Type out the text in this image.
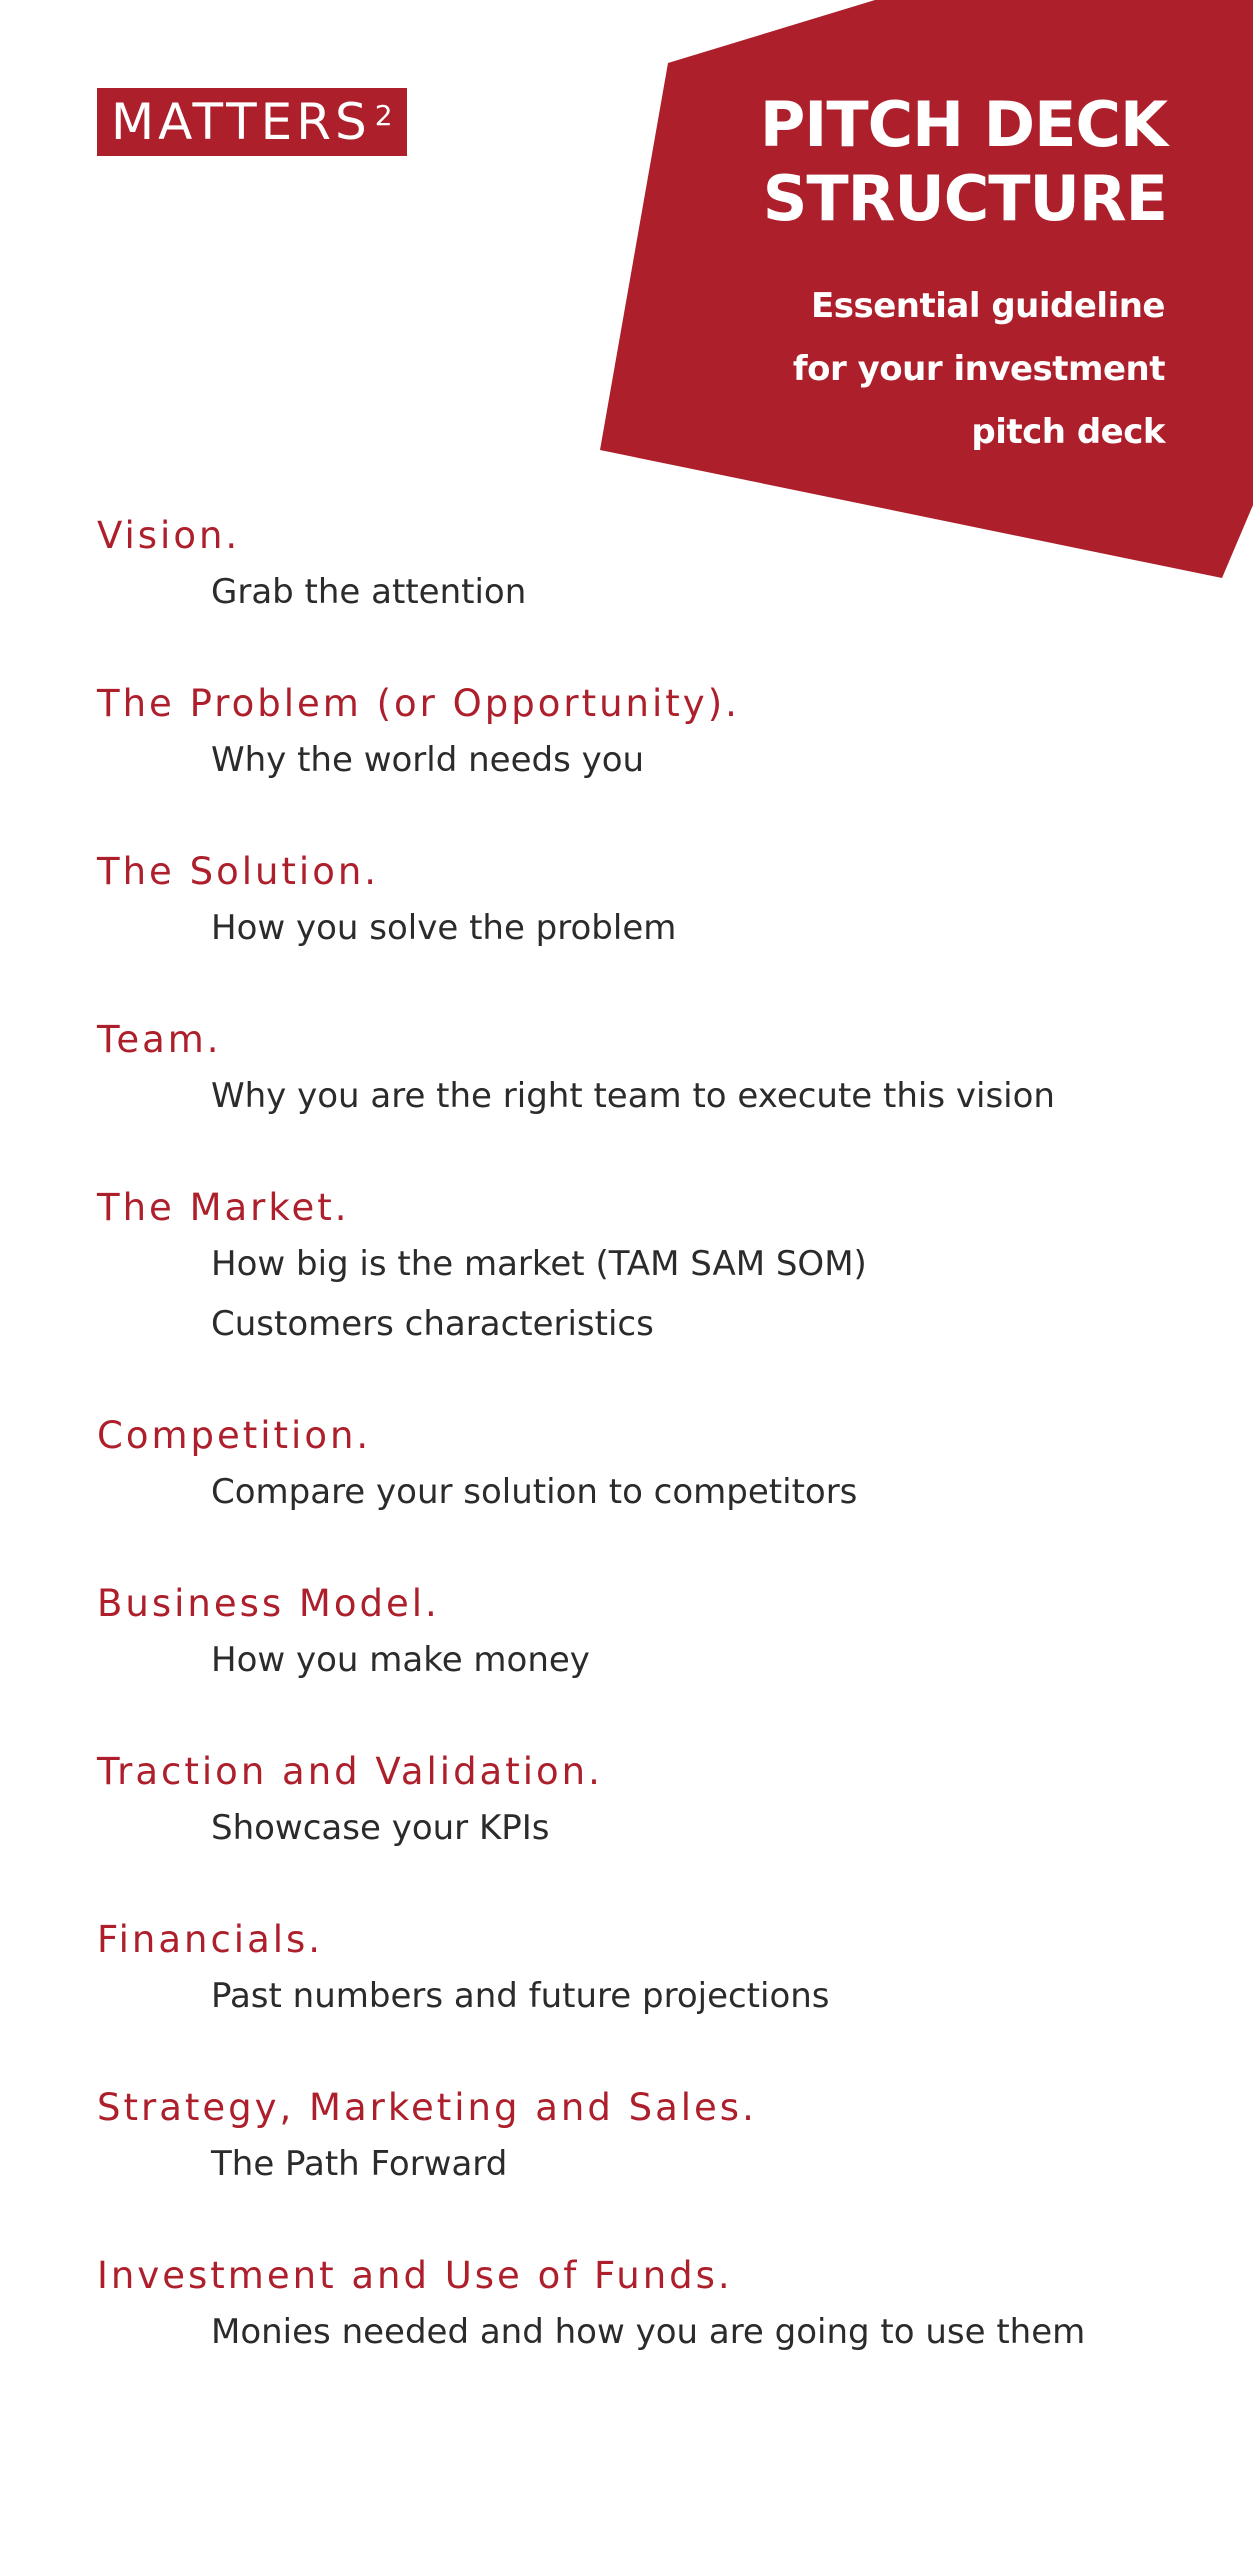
MATTERS $^2$	PITCH DECK
STRUCTURE
Essential guideline
for your investment
pitch deck
Vision.

Grab the attention

The Problem (or Opportunity).

Why the world needs you

The Solution.

How you solve the problem

Team.

Why you are the right team to execute this vision

The Market.

How big is the market (TAM SAM SOM)

Customers characteristics

Competition.

Compare your solution to competitors

Business Model.

How you make money

Traction and Validation.

Showcase your KPIs

Financials.

Past numbers and future projections

Strategy, Marketing and Sales.

The Path Forward

Investment and Use of Funds.

Monies needed and how you are going to use them
